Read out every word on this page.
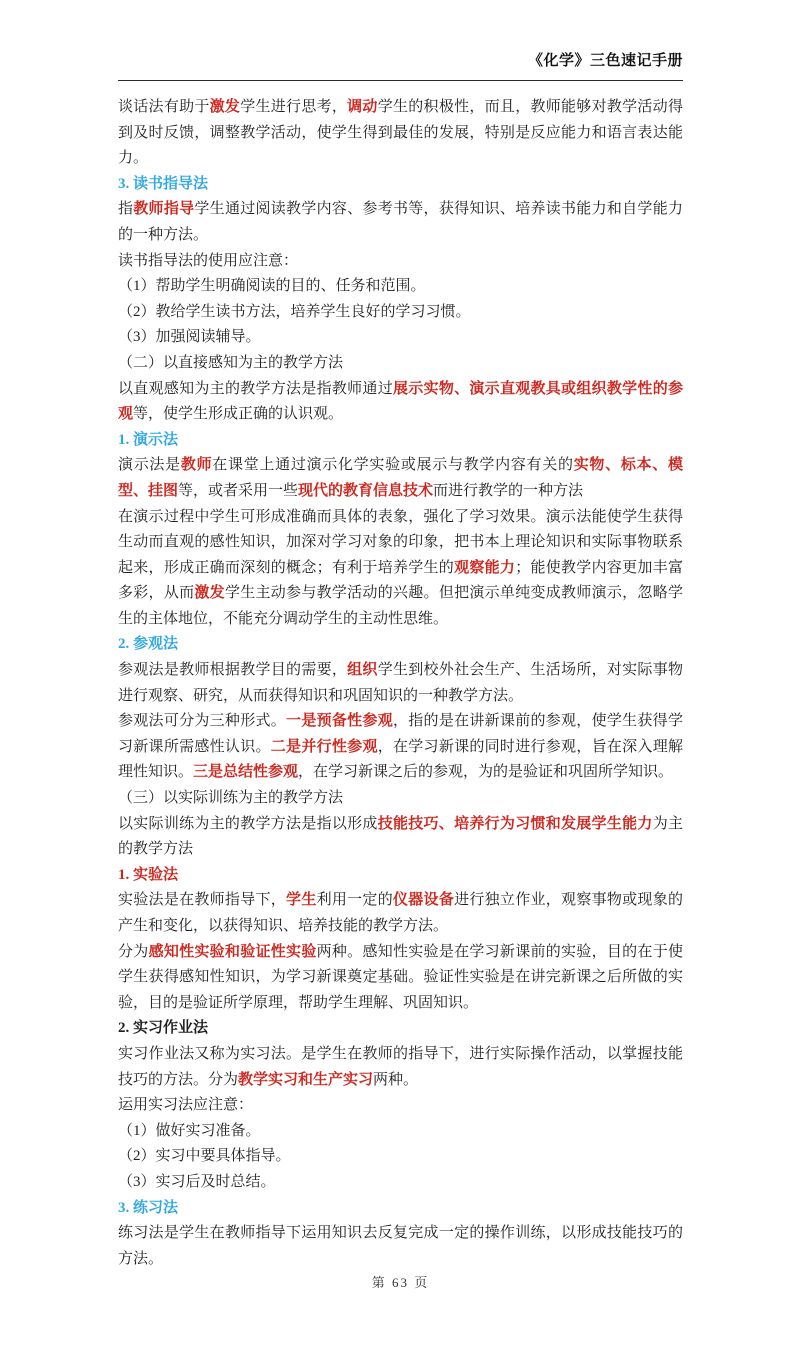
《化学》三色速记手册

谈话法有助于激发学生进行思考，调动学生的积极性，而且，教师能够对教学活动得到及时反馈，调整教学活动，使学生得到最佳的发展，特别是反应能力和语言表达能力。

3. 读书指导法

指教师指导学生通过阅读教学内容、参考书等，获得知识、培养读书能力和自学能力的一种方法。

读书指导法的使用应注意：

（1）帮助学生明确阅读的目的、任务和范围。

（2）教给学生读书方法，培养学生良好的学习习惯。

（3）加强阅读辅导。

（二）以直接感知为主的教学方法

以直观感知为主的教学方法是指教师通过展示实物、演示直观教具或组织教学性的参观等，使学生形成正确的认识观。

1. 演示法

演示法是教师在课堂上通过演示化学实验或展示与教学内容有关的实物、标本、模型、挂图等，或者采用一些现代的教育信息技术而进行教学的一种方法

在演示过程中学生可形成准确而具体的表象，强化了学习效果。演示法能使学生获得生动而直观的感性知识，加深对学习对象的印象，把书本上理论知识和实际事物联系起来，形成正确而深刻的概念；有利于培养学生的观察能力；能使教学内容更加丰富多彩，从而激发学生主动参与教学活动的兴趣。但把演示单纯变成教师演示，忽略学生的主体地位，不能充分调动学生的主动性思维。

2. 参观法

参观法是教师根据教学目的需要，组织学生到校外社会生产、生活场所，对实际事物进行观察、研究，从而获得知识和巩固知识的一种教学方法。

参观法可分为三种形式。一是预备性参观，指的是在讲新课前的参观，使学生获得学习新课所需感性认识。二是并行性参观，在学习新课的同时进行参观，旨在深入理解理性知识。三是总结性参观，在学习新课之后的参观，为的是验证和巩固所学知识。

（三）以实际训练为主的教学方法

以实际训练为主的教学方法是指以形成技能技巧、培养行为习惯和发展学生能力为主的教学方法

1. 实验法

实验法是在教师指导下，学生利用一定的仪器设备进行独立作业，观察事物或现象的产生和变化，以获得知识、培养技能的教学方法。

分为感知性实验和验证性实验两种。感知性实验是在学习新课前的实验，目的在于使学生获得感知性知识，为学习新课奠定基础。验证性实验是在讲完新课之后所做的实验，目的是验证所学原理，帮助学生理解、巩固知识。

2. 实习作业法

实习作业法又称为实习法。是学生在教师的指导下，进行实际操作活动，以掌握技能技巧的方法。分为教学实习和生产实习两种。

运用实习法应注意：

（1）做好实习准备。

（2）实习中要具体指导。

（3）实习后及时总结。

3. 练习法

练习法是学生在教师指导下运用知识去反复完成一定的操作训练，以形成技能技巧的方法。

第 63 页
